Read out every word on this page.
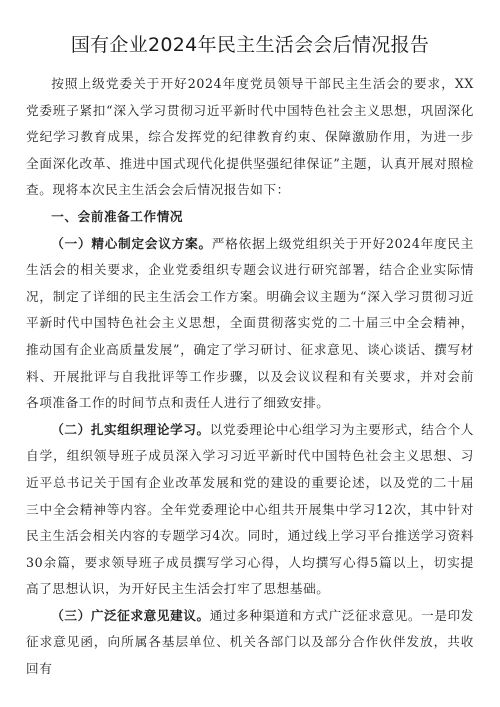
国有企业2024年民主生活会会后情况报告

按照上级党委关于开好2024年度党员领导干部民主生活会的要求，XX党委班子紧扣“深入学习贯彻习近平新时代中国特色社会主义思想，巩固深化党纪学习教育成果，综合发挥党的纪律教育约束、保障激励作用，为进一步全面深化改革、推进中国式现代化提供坚强纪律保证”主题，认真开展对照检查。现将本次民主生活会会后情况报告如下：

一、会前准备工作情况

（一）精心制定会议方案。严格依据上级党组织关于开好2024年度民主生活会的相关要求，企业党委组织专题会议进行研究部署，结合企业实际情况，制定了详细的民主生活会工作方案。明确会议主题为“深入学习贯彻习近平新时代中国特色社会主义思想，全面贯彻落实党的二十届三中全会精神，推动国有企业高质量发展”，确定了学习研讨、征求意见、谈心谈话、撰写材料、开展批评与自我批评等工作步骤，以及会议议程和有关要求，并对会前各项准备工作的时间节点和责任人进行了细致安排。

（二）扎实组织理论学习。以党委理论中心组学习为主要形式，结合个人自学，组织领导班子成员深入学习习近平新时代中国特色社会主义思想、习近平总书记关于国有企业改革发展和党的建设的重要论述，以及党的二十届三中全会精神等内容。全年党委理论中心组共开展集中学习12次，其中针对民主生活会相关内容的专题学习4次。同时，通过线上学习平台推送学习资料30余篇，要求领导班子成员撰写学习心得，人均撰写心得5篇以上，切实提高了思想认识，为开好民主生活会打牢了思想基础。

（三）广泛征求意见建议。通过多种渠道和方式广泛征求意见。一是印发征求意见函，向所属各基层单位、机关各部门以及部分合作伙伴发放，共收回有
